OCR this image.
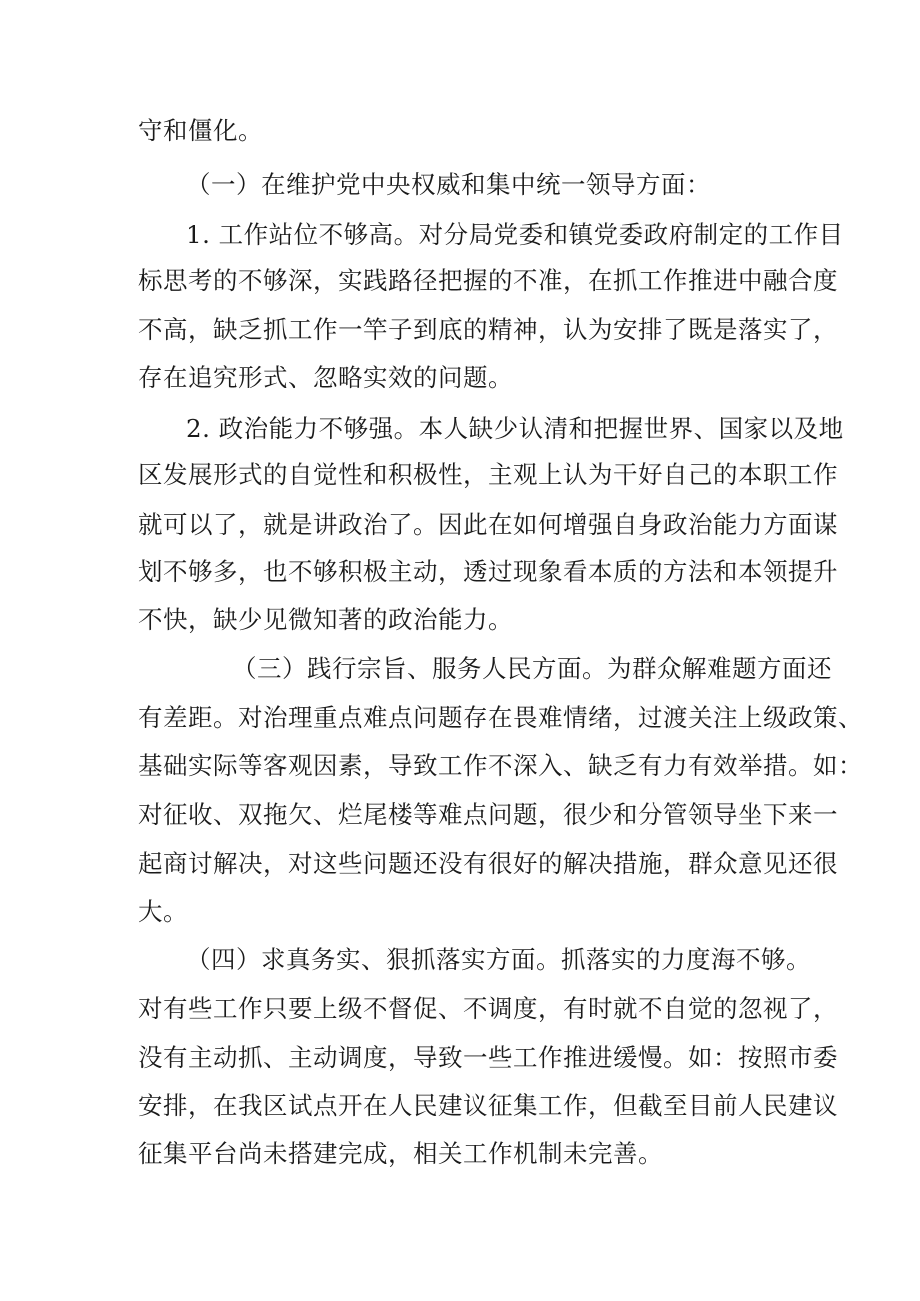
守和僵化。
（一）在维护党中央权威和集中统一领导方面：
1. 工作站位不够高。对分局党委和镇党委政府制定的工作目
标思考的不够深，实践路径把握的不准，在抓工作推进中融合度
不高，缺乏抓工作一竿子到底的精神，认为安排了既是落实了，
存在追究形式、忽略实效的问题。
2. 政治能力不够强。本人缺少认清和把握世界、国家以及地
区发展形式的自觉性和积极性，主观上认为干好自己的本职工作
就可以了，就是讲政治了。因此在如何增强自身政治能力方面谋
划不够多，也不够积极主动，透过现象看本质的方法和本领提升
不快，缺少见微知著的政治能力。
（三）践行宗旨、服务人民方面。为群众解难题方面还
有差距。对治理重点难点问题存在畏难情绪，过渡关注上级政策、
基础实际等客观因素，导致工作不深入、缺乏有力有效举措。如：
对征收、双拖欠、烂尾楼等难点问题，很少和分管领导坐下来一
起商讨解决，对这些问题还没有很好的解决措施，群众意见还很
大。
（四）求真务实、狠抓落实方面。抓落实的力度海不够。
对有些工作只要上级不督促、不调度，有时就不自觉的忽视了，
没有主动抓、主动调度，导致一些工作推进缓慢。如：按照市委
安排，在我区试点开在人民建议征集工作，但截至目前人民建议
征集平台尚未搭建完成，相关工作机制未完善。
